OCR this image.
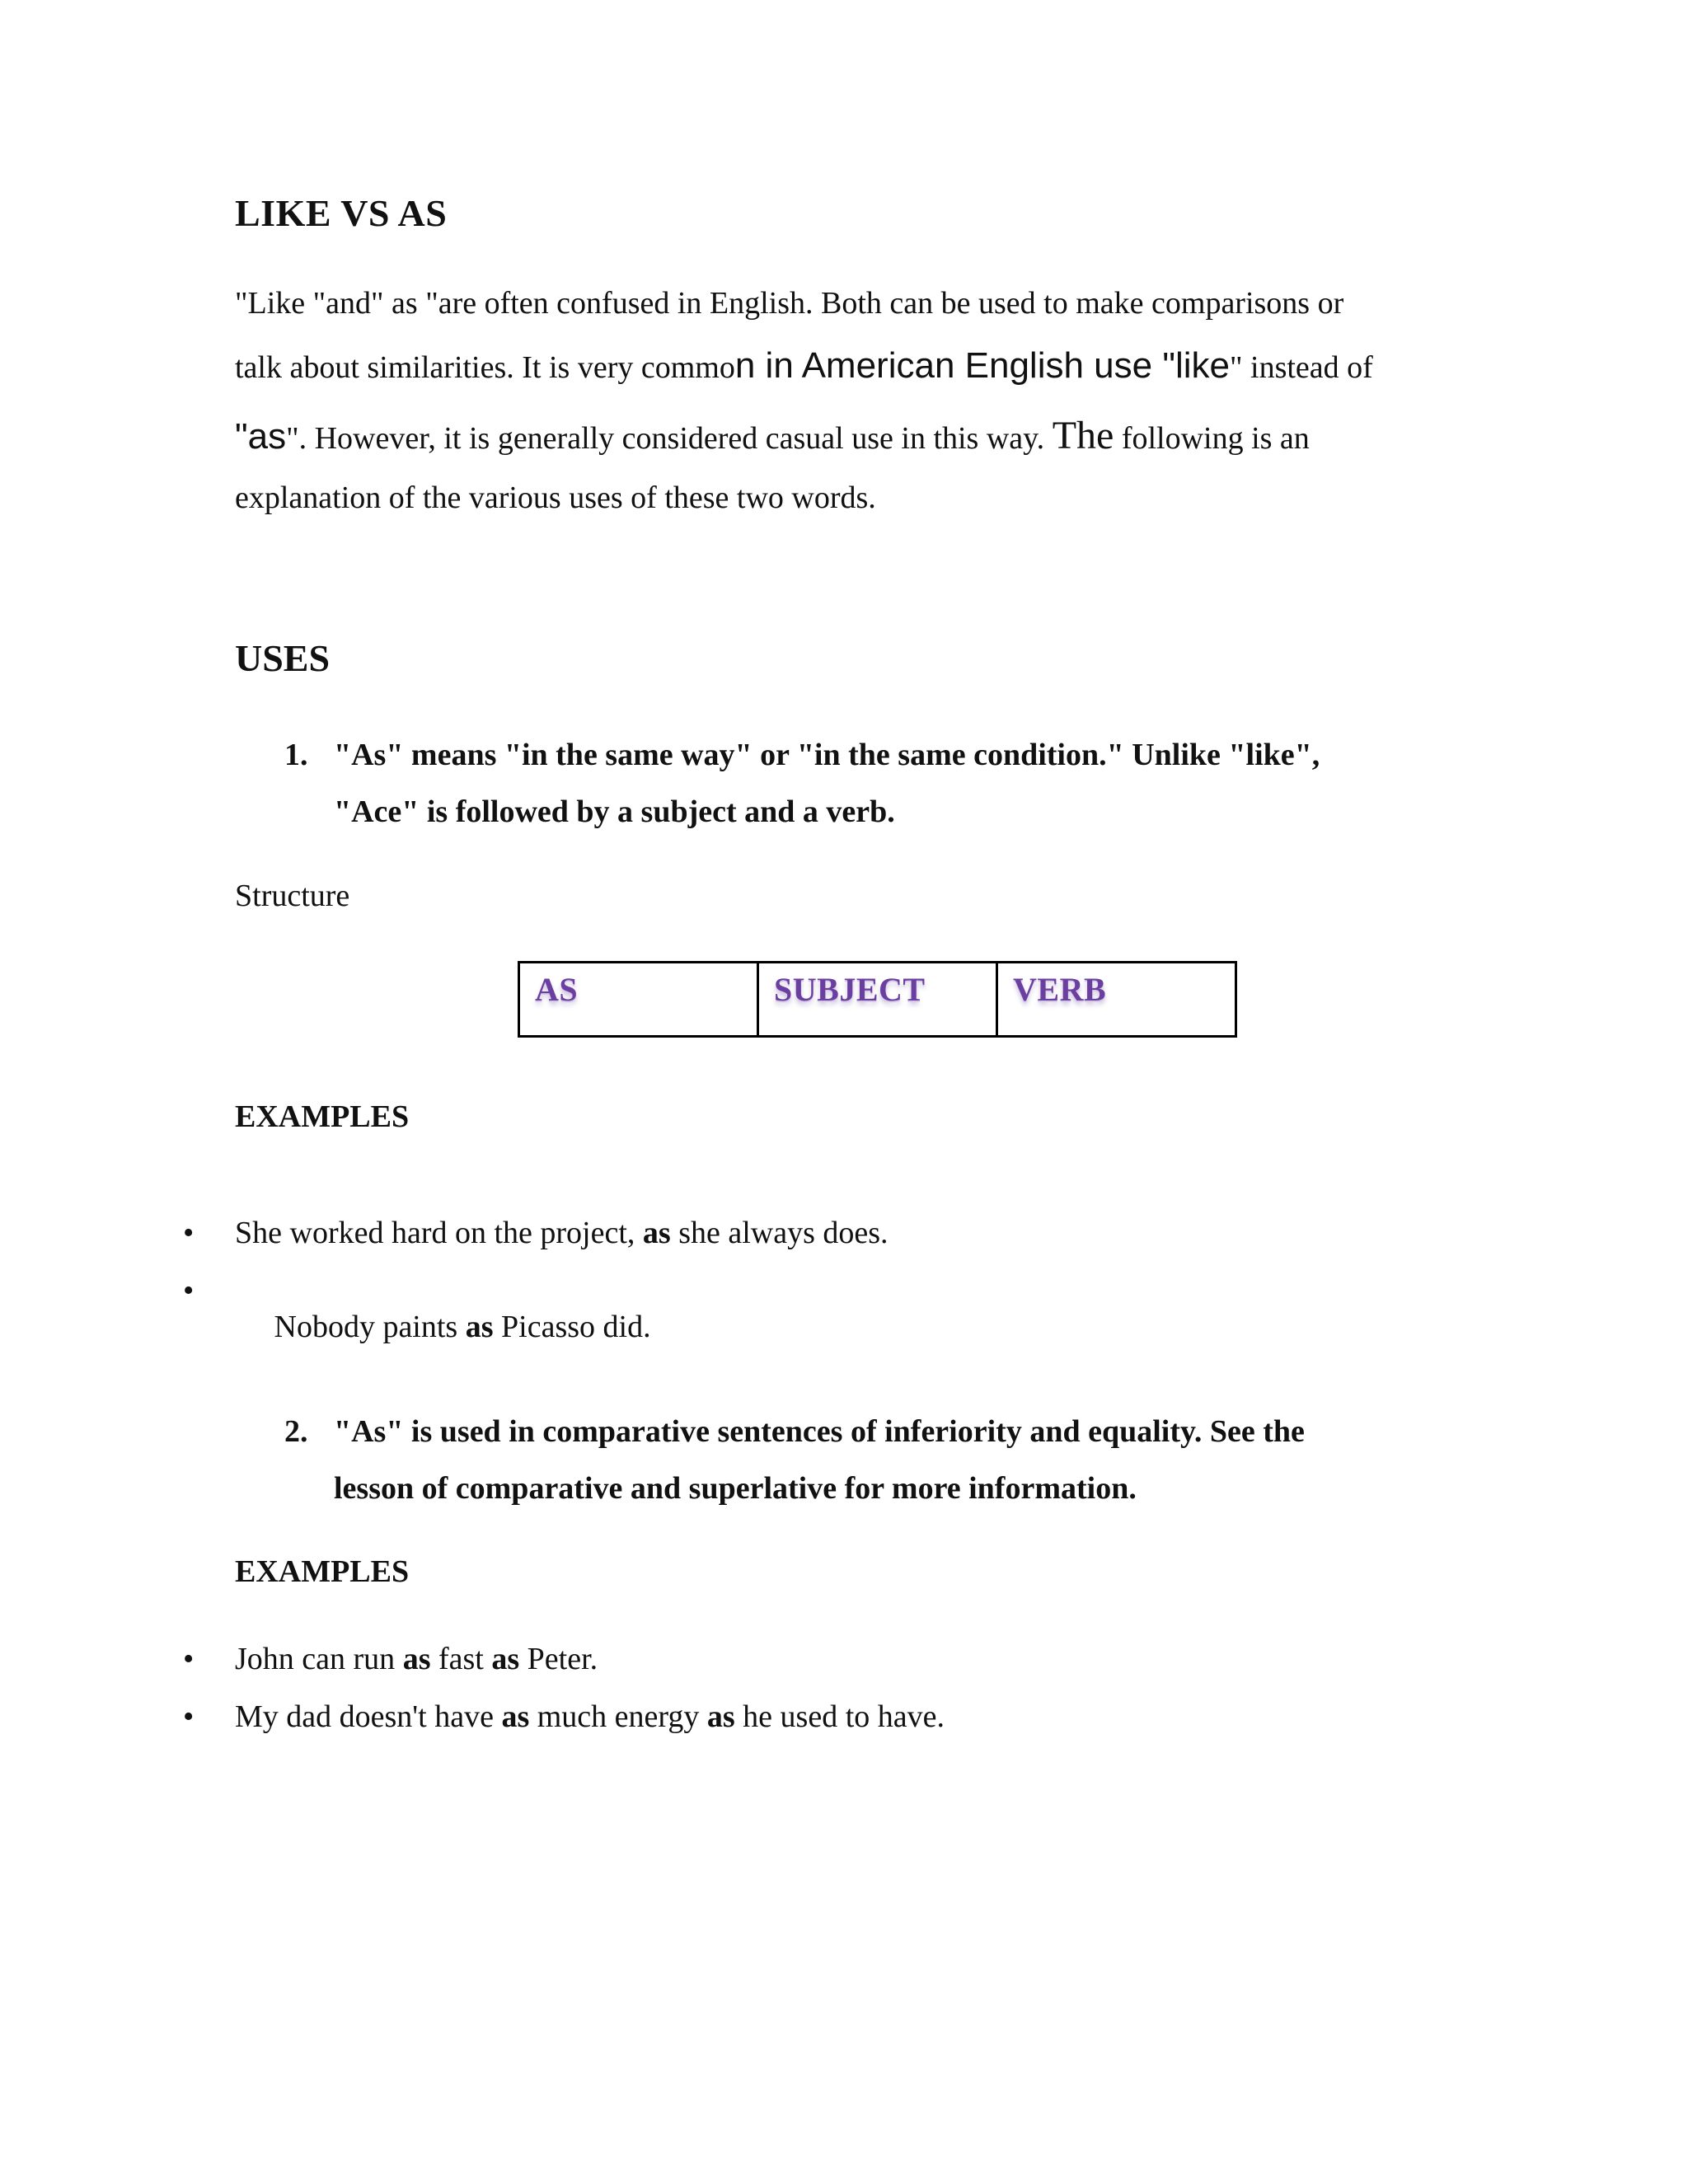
LIKE VS AS
"Like "and" as "are often confused in English. Both can be used to make comparisons or
talk about similarities. It is very common in American English use "like" instead of
"as". However, it is generally considered casual use in this way. The following is an
explanation of the various uses of these two words.
USES
1. "As" means "in the same way" or "in the same condition." Unlike "like",
"Ace" is followed by a subject and a verb.
Structure
AS	SUBJECT	VERB
EXAMPLES
• She worked hard on the project, as she always does.
•

Nobody paints as Picasso did.

2. "As" is used in comparative sentences of inferiority and equality. See the
lesson of comparative and superlative for more information.
EXAMPLES
• John can run as fast as Peter.
• My dad doesn't have as much energy as he used to have.
